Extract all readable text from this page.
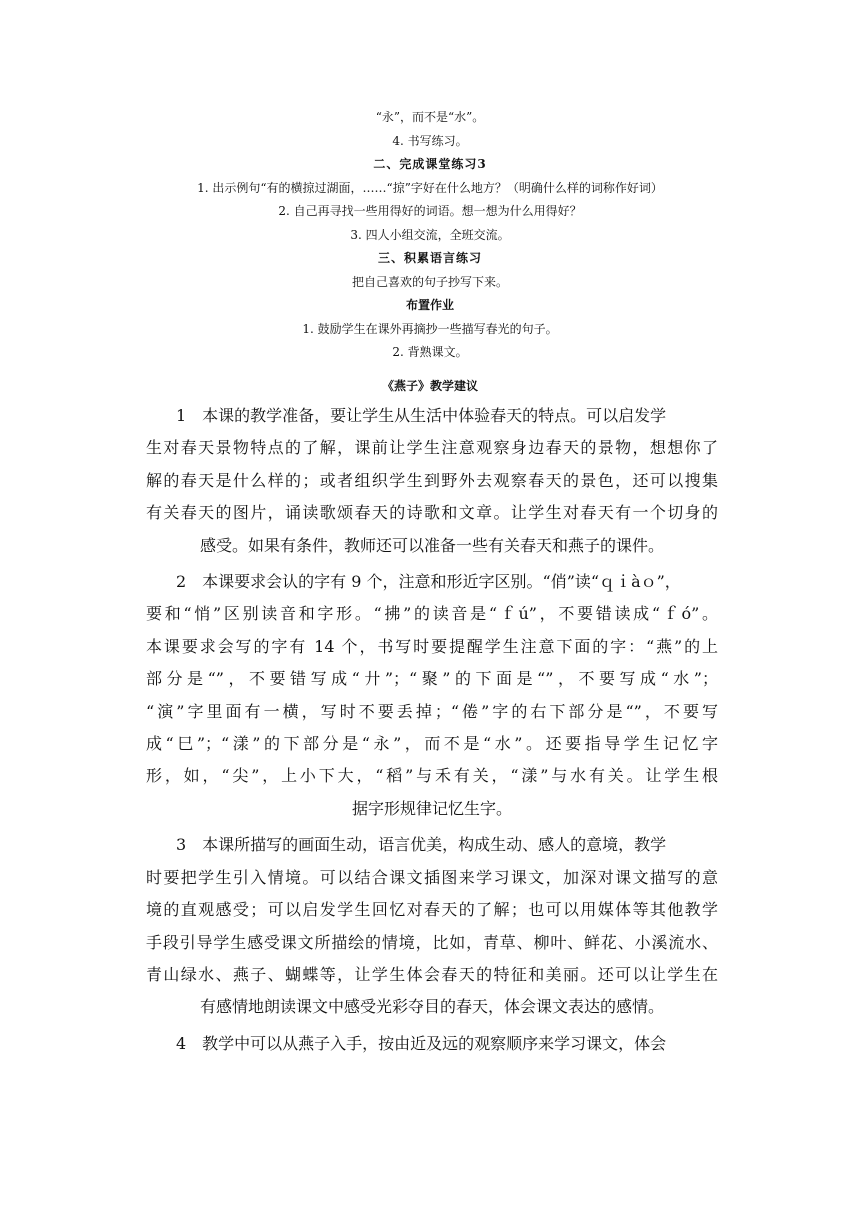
“永”，而不是“水”。
4. 书写练习。
二、完成课堂练习3
1. 出示例句“有的横掠过湖面，……“掠”字好在什么地方？（明确什么样的词称作好词）
2. 自己再寻找一些用得好的词语。想一想为什么用得好？
3. 四人小组交流，全班交流。
三、积累语言练习
把自己喜欢的句子抄写下来。
布置作业
1. 鼓励学生在课外再摘抄一些描写春光的句子。
2. 背熟课文。
《燕子》教学建议
1　本课的教学准备，要让学生从生活中体验春天的特点。可以启发学
生对春天景物特点的了解，课前让学生注意观察身边春天的景物，想想你了
解的春天是什么样的；或者组织学生到野外去观察春天的景色，还可以搜集
有关春天的图片，诵读歌颂春天的诗歌和文章。让学生对春天有一个切身的
感受。如果有条件，教师还可以准备一些有关春天和燕子的课件。
2　本课要求会认的字有 9 个，注意和形近字区别。“俏”读“ｑｉàｏ”，
要和“悄”区别读音和字形。“拂”的读音是“ｆú”，不要错读成“ｆó”。
本课要求会写的字有 14 个，书写时要提醒学生注意下面的字：“燕”的上
部分是“”，不要错写成“廾”；“聚”的下面是“”，不要写成“水”；
“演”字里面有一横，写时不要丢掉；“倦”字的右下部分是“”，不要写
成“巳”；“漾”的下部分是“永”，而不是“水”。还要指导学生记忆字
形，如，“尖”，上小下大，“稻”与禾有关，“漾”与水有关。让学生根
据字形规律记忆生字。
3　本课所描写的画面生动，语言优美，构成生动、感人的意境，教学
时要把学生引入情境。可以结合课文插图来学习课文，加深对课文描写的意
境的直观感受；可以启发学生回忆对春天的了解；也可以用媒体等其他教学
手段引导学生感受课文所描绘的情境，比如，青草、柳叶、鲜花、小溪流水、
青山绿水、燕子、蝴蝶等，让学生体会春天的特征和美丽。还可以让学生在
有感情地朗读课文中感受光彩夺目的春天，体会课文表达的感情。
4　教学中可以从燕子入手，按由近及远的观察顺序来学习课文，体会
